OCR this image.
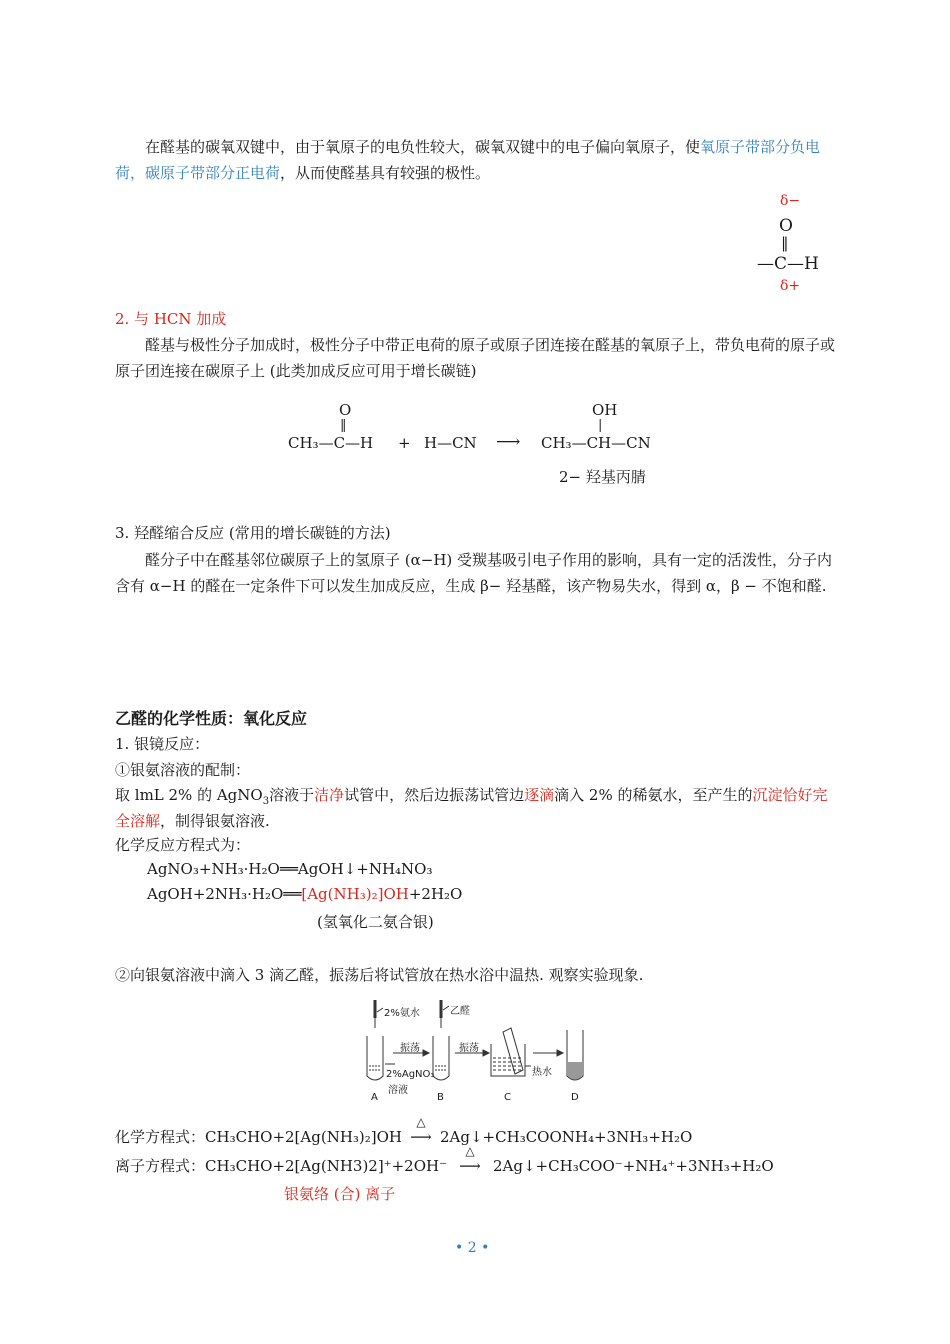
在醛基的碳氧双键中，由于氧原子的电负性较大，碳氧双键中的电子偏向氧原子，使氧原子带部分负电荷，碳原子带部分正电荷，从而使醛基具有较强的极性。
δ−
O
‖
—C—H
δ+
2. 与 HCN 加成
醛基与极性分子加成时，极性分子中带正电荷的原子或原子团连接在醛基的氧原子上，带负电荷的原子或原子团连接在碳原子上 (此类加成反应可用于增长碳链)
O
‖
CH₃—C—H + H—CN ⟶
OH
|
CH₃—CH—CN
2− 羟基丙腈
3. 羟醛缩合反应 (常用的增长碳链的方法)
醛分子中在醛基邻位碳原子上的氢原子 (α−H) 受羰基吸引电子作用的影响，具有一定的活泼性，分子内含有 α−H 的醛在一定条件下可以发生加成反应，生成 β− 羟基醛，该产物易失水，得到 α，β − 不饱和醛.
乙醛的化学性质：氧化反应
1. 银镜反应：
①银氨溶液的配制：
取 lmL 2% 的 AgNO$_3$溶液于洁净试管中，然后边振荡试管边逐滴滴入 2% 的稀氨水，至产生的沉淀恰好完全溶解，制得银氨溶液.
化学反应方程式为：
AgNO₃+NH₃·H₂O══AgOH↓+NH₄NO₃
AgOH+2NH₃·H₂O══[Ag(NH₃)₂]OH+2H₂O
(氢氧化二氨合银)
②向银氨溶液中滴入 3 滴乙醛，振荡后将试管放在热水浴中温热. 观察实验现象.
2%氨水	乙醛
振荡	振荡
2%AgNO₃
溶液
热水
A	B	C	D
化学方程式：CH₃CHO+2[Ag(NH₃)₂]OH
△
⟶ 2Ag↓+CH₃COONH₄+3NH₃+H₂O
离子方程式：CH₃CHO+2[Ag(NH3)2]⁺+2OH⁻
△
⟶ 2Ag↓+CH₃COO⁻+NH₄⁺+3NH₃+H₂O
银氨络 (合) 离子
• 2 •
